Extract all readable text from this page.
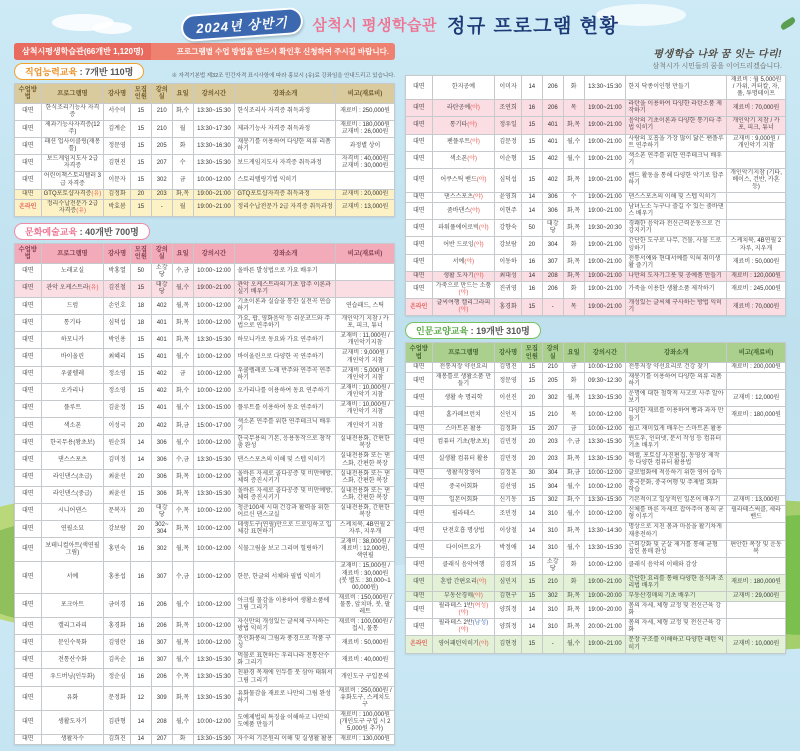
2024년 상반기	삼척시 평생학습관 정규 프로그램 현황
삼척시평생학습관(66개반 1,120명)	프로그램별 수업 방법을 반드시 확인후 신청하여 주시길 바랍니다.
직업능력교육 : 7개반 110명	※ 자격기본법 제32조 민간자격 표시사항에 따라 홍보시 (유)료 강좌임을 안내드리고 있습니다.
수업방법	프로그램명	강사명	모집인원	강의실	요일	강의시간	강좌소개	비고(재료비)
대면	한식조리기능사 자격증	서수미	15	210	화,수	13:30~15:30	한식조리사 자격증 취득과정	재료비 : 250,000원
대면	제과기능사자격증(12주)	김계순	15	210	월	13:30~17:30	제과기능사 자격증 취득과정	재료비 : 180,000원 교재비 : 26,000원
대면	패션 업사이클링(재봉틀)	정문영	15	205	화	13:30~16:30	재봉기를 이용하여 다양한 의류 리폼하기	과정별 상이
대면	보드게임지도사 2급 자격증	김현진	15	207	수	13:30~15:30	보드게임지도사 자격증 취득과정	자격비 : 40,000원 교재비 : 30,000원
대면	어린이책스토리텔러 3급 자격증	이문자	15	302	금	10:00~12:00	스토리텔링기법 익히기	
대면	GTQ포토샵자격증(유)	김정화	20	203	화,목	19:00~21:00	GTQ포토샵자격증 취득과정	교재비 : 20,000원
온라인	정리수납전문가 2급 자격증(유)	박효봄	15	-	월	19:00~21:00	정리수납전문가 2급 자격증 취득과정	교재비 : 13,000원
문화예술교육 : 40개반 700명
수업방법	프로그램명	강사명	모집인원	강의실	요일	강의시간	강좌소개	비고(재료비)
대면	노래교실	박홍열	50	소강당	수,금	10:00~12:00	올바른 발성법으로 가요 배우기	
대면	관악 오케스트라(유)	김진철	15	대강당	월,수	19:00~21:00	관악 오케스트라의 기초 합주 이론과 실기 배우기	
대면	드럼	손인호	18	402	월,목	10:00~12:00	기초이론과 실습을 통한 실전곡 연습하기	연습패드, 스틱
대면	통기타	심덕섭	18	401	화,목	10:00~12:00	가요, 팝, 영화음악 등 쉬운코드와 주법으로 연주하기	개인악기 지참 / 카포, 피크, 튜너
대면	하모니카	박인용	15	401	화,목	13:30~15:30	하모니카로 동요와 가요 연주하기	교재비 : 11,000원 / 개인악기지참
대면	바이올린	최혜리	15	401	월,수	10:00~12:00	바이올린으로 다양한 곡 연주하기	교재비 : 9,000원 / 개인악기 지참
대면	우쿨렐레	정소영	15	402	금	10:00~12:00	우쿨렐레로 노래 반주와 연주곡 연주하기	교재비 : 5,000원 / 개인악기 지참
대면	오카리나	정소영	15	402	화,수	10:00~12:00	오카리나를 이용하여 동요 연주하기	교재비 : 10,000원 / 개인악기 지참
대면	플루트	김윤정	15	401	월,수	13:00~15:00	플루트를 이용하여 동요 연주하기	교재비 : 10,000원 / 개인악기 지참
대면	색소폰	이성국	20	402	화,금	15:00~17:00	색소폰 연주를 위한 연주테크닉 배우기	개인악기 지참
대면	한국무용(왕초보)	원순희	14	306	월,수	10:00~12:00	한국무용의 기본, 응용동작으로 창작춤 완성	실내전용화, 간편한 복장
대면	댄스스포츠	김미정	14	306	수,금	13:30~15:30	댄스스포츠의 이해 및 스텝 익히기	실내전용화 또는 댄스화, 간편한 복장
대면	라인댄스(초급)	최윤선	20	306	화,목	10:00~12:00	올바른 자세로 골다공증 및 비만예방, 체력 증진시키기	실내전용화 또는 댄스화, 간편한 복장
대면	라인댄스(중급)	최윤선	15	306	화,목	13:30~15:30	올바른 자세로 골다공증 및 비만예방, 체력 증진시키기	실내전용화 또는 댄스화, 간편한 복장
대면	시니어댄스	문복자	20	대강당	수,목	10:00~12:00	청춘100세 시대 건강과 활력을 위한 어르신 댄스교실	실내전용화, 간편한 복장
대면	연필소묘	강보람	20	302~304	화,목	10:00~12:00	데생도구(연필)만으로 드로잉하고 입체감 표현하기	스케치북, 4B연필 2자루, 지우개
대면	보테니컬아트(색연필그림)	홍민숙	16	302	월,목	10:00~12:00	식물그림을 보고 그리며 힐링하기	교재비 : 38,000원 / 재료비 : 12,000원, 색연필
대면	서예	홍용섭	16	307	수,금	10:00~12:00	한문, 한글의 서체와 필법 익히기	교재비 : 15,000원 / 재료비 : 30,000원 (붓 별도 : 30,000~100,000원)
대면	포크아트	금이경	16	206	월,수	10:00~12:00	아크릴 물감을 이용하여 생활소품에 그림 그리기	재료비 : 150,000원 / 물통, 앞치마, 붓, 팔레트
대면	캘리그라피	홍경화	16	206	화,목	10:00~12:00	자신만의 개성있는 글씨체 구사하는 방법 익히기	재료비 : 100,000원 / 접시, 물통
대면	문인수묵화	김영란	16	307	월,목	10:00~12:00	문인화풍의 그림과 풍경으로 작품 구성	재료비 : 50,000원
대면	전통산수화	김옥순	16	307	월,수	13:30~15:30	먹물로 표현하는 우리나라 전통산수화 그리기	재료비 : 40,000원
대면	우드버닝(인두화)	정순심	16	206	수,목	13:30~15:30	친환경 목재에 인두를 붓 삼아 태워서 그림 그리기	개인도구 구입문의
대면	유화	문정화	12	309	화,목	13:30~15:30	유화물감을 재료로 나만의 그림 완성하기	재료비 : 250,000원 / 유화도구, 스케치도구
대면	생활도자기	김관형	14	208	월,수	10:00~12:00	도예제법의 특징을 이해하고 나만의 도예품 만들기	재료비 : 100,000원 (개인도구 구입 시 25,000원 추가)
대면	생활자수	김희진	14	207	화	13:30~15:30	자수의 기본원리 이해 및 실생활 활용	재료비 : 130,000원
평생학습 나와 꿈 잇는 다리!
삼척시가 시민들의 꿈을 이어드리겠습니다.
대면	한지공예	이미자	14	206	화	13:30~15:30	한지 닥종이인형 만들기	재료비 : 월 5,000원 / 가위, 커터칼, 자, 풀, 투명테이프
대면	라탄공예(야)	조연희	16	206	목	19:00~21:00	라탄을 이용하여 다양한 라탄소품 제작하기	재료비 : 70,000원
대면	통기타(야)	정우일	15	401	화,목	19:00~21:00	음악의 기초이론과 다양한 통기타 주법 익히기	개인악기 지참 / 카포, 피크, 튜너
대면	팬플루트(야)	김문정	15	401	월,수	19:00~21:00	사람의 호흡을 가장 많이 닮은 팬플루트 연주하기	교재비 : 9,000원 / 개인악기 지참
대면	색소폰(야)	이순형	15	402	월,수	19:00~21:00	색소폰 연주를 위한 연주테크닉 배우기	
대면	어쿠스틱 밴드(야)	심덕섭	15	402	화,목	19:00~21:00	밴드 활동을 통해 다양한 악기로 합주하기	개인악기지참 (기타, 베이스, 건반, 카혼 등)
대면	댄스스포츠(야)	윤영희	14	306	수	19:00~21:00	댄스스포츠의 이해 및 스텝 익히기	
대면	줌바댄스(야)	이현주	14	306	화,목	19:00~21:00	남녀노소 누구나 즐길 수 있는 줌바댄스 배우기	
대면	파워풀에어로빅(야)	강향숙	50	대강당	화,목	19:30~20:30	경쾌한 음악과 전신근력운동으로 건강지키기	
대면	어반 드로잉(야)	강보람	20	304	화	19:00~21:00	간단한 도구로 나무, 건물, 사물 드로잉하기	스케치북, 4B연필 2자루, 지우개
대면	서예(야)	이동하	16	307	화,목	19:00~21:00	전통서예와 현대서예를 익혀 취미생활 즐기기	재료비 : 50,000원
대면	생활 도자기(야)	최대성	14	208	화,목	19:00~21:00	나만의 도자기그릇 및 공예품 만들기	재료비 : 120,000원
대면	가죽으로 만드는 소품(야)	진귀영	16	206	화	19:00~21:00	가죽을 이용한 생활소품 제작하기	재료비 : 245,000원
온라인	글씨여행 캘리그라피(야)	홍경화	15	-	목	19:00~21:00	개성있는 글씨체 구사하는 방법 익히기	재료비 : 70,000원
인문교양교육 : 19개반 310명
수업방법	프로그램명	강사명	모집인원	강의실	요일	강의시간	강좌소개	비고(재료비)
대면	전통저장 약선요리	김명진	15	210	금	10:00~12:00	전통저장 약선요리로 건강 찾기	재료비 : 200,000원
대면	재봉틀로 생활소품 만들기	정문영	15	205	화	09:30~12:30	재봉기를 이용하여 다양한 의류 리폼하기	
대면	생활 속 명리학	이선진	20	302	월,목	13:30~15:30	운명에 대한 철학적 사고로 사주 알아보기	교재비 : 12,000원
대면	홈카페브런치	신인지	15	210	목	10:00~12:00	다양한 재료를 이용하여 빵과 과자 만들기	재료비 : 180,000원
대면	스마트폰 활용	김정화	15	207	금	10:00~12:00	쉽고 재미있게 배우는 스마트폰 활용	
대면	컴퓨터 기초(왕초보)	김민정	20	203	수,금	13:30~15:30	윈도우, 인터넷, 문서 작성 등 컴퓨터 기초 배우기	
대면	실생활 컴퓨터 활용	김민정	20	203	화,목	13:30~15:30	엑셀, 포토샵 사진편집, 동영상 제작 등 다양한 컴퓨터 활용법	
대면	생활직장영어	김정훈	30	304	화,금	10:00~12:00	글로벌화에 적응하기 위한 영어 습득	
대면	중국어회화	김선영	15	304	월,수	10:00~12:00	중국문화, 중국여행 및 주제별 회화 학습	
대면	일본어회화	신기동	15	302	화,수	13:30~15:30	기본적이고 일상적인 일본어 배우기	교재비 : 13,000원
대면	필라테스	조민정	14	310	월,수	10:00~12:00	신체를 바른 자세로 잡아주어 몸의 균형 이루기	필라테스써클, 세라밴드
대면	단전호흡 명상법	이상철	14	310	화,목	13:30~14:30	명상으로 지친 몸과 마음을 활기차게 재충전하기	
대면	다이어트요가	박정애	14	310	월,수	13:30~15:30	근력강화 및 군살 제거를 통해 균형 잡힌 몸매 완성	편안한 복장 및 운동복
대면	클래식 음악여행	김경희	15	소강당	화	10:00~12:00	클래식 음악의 이해와 감상	
대면	혼밥 간편요리(야)	심민지	15	210	화	19:00~21:00	간단한 요리를 통해 다양한 음식과 조리법 배우기	재료비 : 180,000원
대면	부동산경매(야)	김현구	15	302	화,목	19:00~20:00	부동산경매의 기초 배우기	교재비 : 29,000원
대면	필라테스 1반(여성)(야)	양희정	14	310	화,목	19:00~20:00	몸의 자세, 체형 교정 및 전신근육 강화	
대면	필라테스 2반(남성)(야)	양희정	14	310	화,목	20:00~21:00	몸의 자세, 체형 교정 및 전신근육 강화	
온라인	영어패턴익히기(야)	김현정	15	-	월,수	19:00~21:00	문장 구조를 이해하고 다양한 패턴 익히기	교재비 : 10,000원
